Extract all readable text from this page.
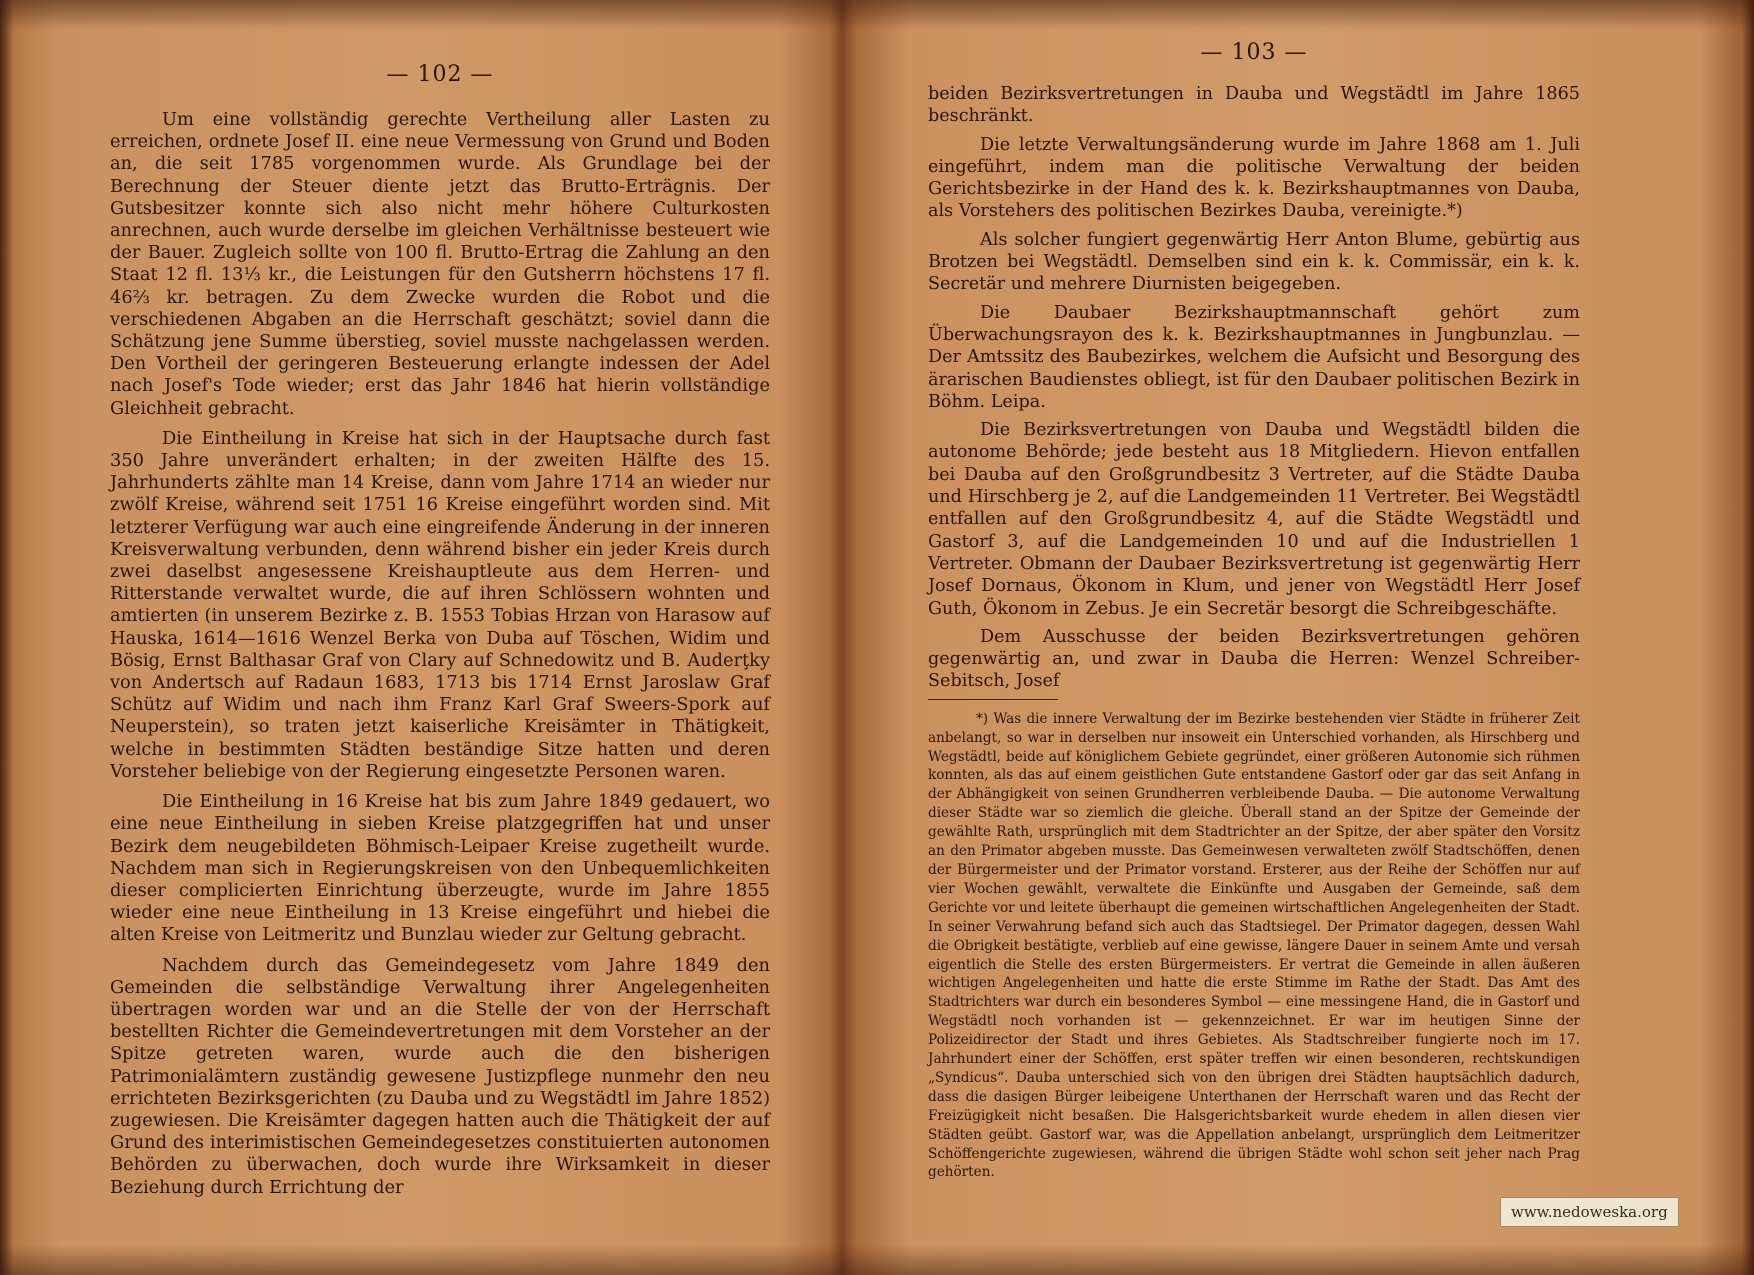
— 102 —

Um eine vollständig gerechte Vertheilung aller Lasten zu erreichen, ordnete Josef II. eine neue Vermessung von Grund und Boden an, die seit 1785 vorgenommen wurde. Als Grundlage bei der Berechnung der Steuer diente jetzt das Brutto-Erträgnis. Der Gutsbesitzer konnte sich also nicht mehr höhere Culturkosten anrechnen, auch wurde derselbe im gleichen Verhältnisse besteuert wie der Bauer. Zugleich sollte von 100 fl. Brutto-Ertrag die Zahlung an den Staat 12 fl. 13⅓ kr., die Leistungen für den Gutsherrn höchstens 17 fl. 46⅔ kr. betragen. Zu dem Zwecke wurden die Robot und die verschiedenen Abgaben an die Herrschaft geschätzt; soviel dann die Schätzung jene Summe überstieg, soviel musste nachgelassen werden. Den Vortheil der geringeren Besteuerung erlangte indessen der Adel nach Josef's Tode wieder; erst das Jahr 1846 hat hierin vollständige Gleichheit gebracht.

Die Eintheilung in Kreise hat sich in der Hauptsache durch fast 350 Jahre unverändert erhalten; in der zweiten Hälfte des 15. Jahrhunderts zählte man 14 Kreise, dann vom Jahre 1714 an wieder nur zwölf Kreise, während seit 1751 16 Kreise eingeführt worden sind. Mit letzterer Verfügung war auch eine eingreifende Änderung in der inneren Kreisverwaltung verbunden, denn während bisher ein jeder Kreis durch zwei daselbst angesessene Kreishauptleute aus dem Herren- und Ritterstande verwaltet wurde, die auf ihren Schlössern wohnten und amtierten (in unserem Bezirke z. B. 1553 Tobias Hrzan von Harasow auf Hauska, 1614—1616 Wenzel Berka von Duba auf Töschen, Widim und Bösig, Ernst Balthasar Graf von Clary auf Schnedowitz und B. Auderţky von Andertsch auf Radaun 1683, 1713 bis 1714 Ernst Jaroslaw Graf Schütz auf Widim und nach ihm Franz Karl Graf Sweers-Spork auf Neuperstein), so traten jetzt kaiserliche Kreisämter in Thätigkeit, welche in bestimmten Städten beständige Sitze hatten und deren Vorsteher beliebige von der Regierung eingesetzte Personen waren.

Die Eintheilung in 16 Kreise hat bis zum Jahre 1849 gedauert, wo eine neue Eintheilung in sieben Kreise platzgegriffen hat und unser Bezirk dem neugebildeten Böhmisch-Leipaer Kreise zugetheilt wurde. Nachdem man sich in Regierungskreisen von den Unbequemlichkeiten dieser complicierten Einrichtung überzeugte, wurde im Jahre 1855 wieder eine neue Eintheilung in 13 Kreise eingeführt und hiebei die alten Kreise von Leitmeritz und Bunzlau wieder zur Geltung gebracht.

Nachdem durch das Gemeindegesetz vom Jahre 1849 den Gemeinden die selbständige Verwaltung ihrer Angelegenheiten übertragen worden war und an die Stelle der von der Herrschaft bestellten Richter die Gemeindevertretungen mit dem Vorsteher an der Spitze getreten waren, wurde auch die den bisherigen Patrimonialämtern zuständig gewesene Justizpflege nunmehr den neu errichteten Bezirksgerichten (zu Dauba und zu Wegstädtl im Jahre 1852) zugewiesen. Die Kreisämter dagegen hatten auch die Thätigkeit der auf Grund des interimistischen Gemeindegesetzes constituierten autonomen Behörden zu überwachen, doch wurde ihre Wirksamkeit in dieser Beziehung durch Errichtung der

— 103 —

beiden Bezirksvertretungen in Dauba und Wegstädtl im Jahre 1865 beschränkt.

Die letzte Verwaltungsänderung wurde im Jahre 1868 am 1. Juli eingeführt, indem man die politische Verwaltung der beiden Gerichtsbezirke in der Hand des k. k. Bezirkshauptmannes von Dauba, als Vorstehers des politischen Bezirkes Dauba, vereinigte.*)

Als solcher fungiert gegenwärtig Herr Anton Blume, gebürtig aus Brotzen bei Wegstädtl. Demselben sind ein k. k. Commissär, ein k. k. Secretär und mehrere Diurnisten beigegeben.

Die Daubaer Bezirkshauptmannschaft gehört zum Überwachungsrayon des k. k. Bezirkshauptmannes in Jungbunzlau. — Der Amtssitz des Baubezirkes, welchem die Aufsicht und Besorgung des ärarischen Baudienstes obliegt, ist für den Daubaer politischen Bezirk in Böhm. Leipa.

Die Bezirksvertretungen von Dauba und Wegstädtl bilden die autonome Behörde; jede besteht aus 18 Mitgliedern. Hievon entfallen bei Dauba auf den Großgrundbesitz 3 Vertreter, auf die Städte Dauba und Hirschberg je 2, auf die Landgemeinden 11 Vertreter. Bei Wegstädtl entfallen auf den Großgrundbesitz 4, auf die Städte Wegstädtl und Gastorf 3, auf die Landgemeinden 10 und auf die Industriellen 1 Vertreter. Obmann der Daubaer Bezirksvertretung ist gegenwärtig Herr Josef Dornaus, Ökonom in Klum, und jener von Wegstädtl Herr Josef Guth, Ökonom in Zebus. Je ein Secretär besorgt die Schreibgeschäfte.

Dem Ausschusse der beiden Bezirksvertretungen gehören gegenwärtig an, und zwar in Dauba die Herren: Wenzel Schreiber-Sebitsch, Josef

*) Was die innere Verwaltung der im Bezirke bestehenden vier Städte in früherer Zeit anbelangt, so war in derselben nur insoweit ein Unterschied vorhanden, als Hirschberg und Wegstädtl, beide auf königlichem Gebiete gegründet, einer größeren Autonomie sich rühmen konnten, als das auf einem geistlichen Gute entstandene Gastorf oder gar das seit Anfang in der Abhängigkeit von seinen Grundherren verbleibende Dauba. — Die autonome Verwaltung dieser Städte war so ziemlich die gleiche. Überall stand an der Spitze der Gemeinde der gewählte Rath, ursprünglich mit dem Stadtrichter an der Spitze, der aber später den Vorsitz an den Primator abgeben musste. Das Gemeinwesen verwalteten zwölf Stadtschöffen, denen der Bürgermeister und der Primator vorstand. Ersterer, aus der Reihe der Schöffen nur auf vier Wochen gewählt, verwaltete die Einkünfte und Ausgaben der Gemeinde, saß dem Gerichte vor und leitete überhaupt die gemeinen wirtschaftlichen Angelegenheiten der Stadt. In seiner Verwahrung befand sich auch das Stadtsiegel. Der Primator dagegen, dessen Wahl die Obrigkeit bestätigte, verblieb auf eine gewisse, längere Dauer in seinem Amte und versah eigentlich die Stelle des ersten Bürgermeisters. Er vertrat die Gemeinde in allen äußeren wichtigen Angelegenheiten und hatte die erste Stimme im Rathe der Stadt. Das Amt des Stadtrichters war durch ein besonderes Symbol — eine messingene Hand, die in Gastorf und Wegstädtl noch vorhanden ist — gekennzeichnet. Er war im heutigen Sinne der Polizeidirector der Stadt und ihres Gebietes. Als Stadtschreiber fungierte noch im 17. Jahrhundert einer der Schöffen, erst später treffen wir einen besonderen, rechtskundigen „Syndicus“. Dauba unterschied sich von den übrigen drei Städten hauptsächlich dadurch, dass die dasigen Bürger leibeigene Unterthanen der Herrschaft waren und das Recht der Freizügigkeit nicht besaßen. Die Halsgerichtsbarkeit wurde ehedem in allen diesen vier Städten geübt. Gastorf war, was die Appellation anbelangt, ursprünglich dem Leitmeritzer Schöffengerichte zugewiesen, während die übrigen Städte wohl schon seit jeher nach Prag gehörten.

www.nedoweska.org
